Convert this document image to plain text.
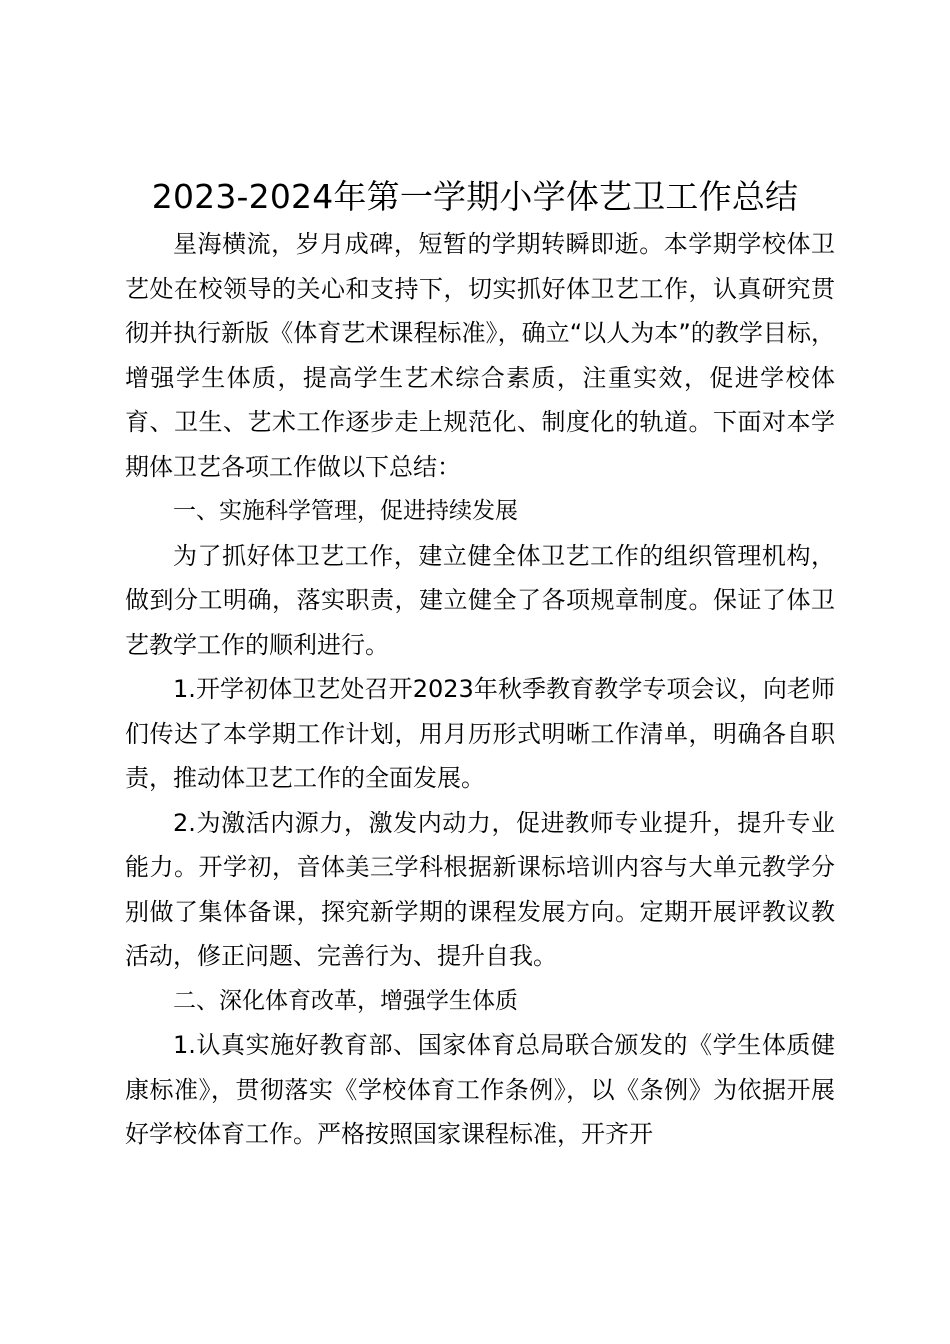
2023-2024年第一学期小学体艺卫工作总结

星海横流，岁月成碑，短暂的学期转瞬即逝。本学期学校体卫艺处在校领导的关心和支持下，切实抓好体卫艺工作，认真研究贯彻并执行新版《体育艺术课程标准》，确立“以人为本”的教学目标，增强学生体质，提高学生艺术综合素质，注重实效，促进学校体育、卫生、艺术工作逐步走上规范化、制度化的轨道。下面对本学期体卫艺各项工作做以下总结：

一、实施科学管理，促进持续发展

为了抓好体卫艺工作，建立健全体卫艺工作的组织管理机构，做到分工明确，落实职责，建立健全了各项规章制度。保证了体卫艺教学工作的顺利进行。

1.开学初体卫艺处召开2023年秋季教育教学专项会议，向老师们传达了本学期工作计划，用月历形式明晰工作清单，明确各自职责，推动体卫艺工作的全面发展。

2.为激活内源力，激发内动力，促进教师专业提升，提升专业能力。开学初，音体美三学科根据新课标培训内容与大单元教学分别做了集体备课，探究新学期的课程发展方向。定期开展评教议教活动，修正问题、完善行为、提升自我。

二、深化体育改革，增强学生体质

1.认真实施好教育部、国家体育总局联合颁发的《学生体质健康标准》，贯彻落实《学校体育工作条例》，以《条例》为依据开展好学校体育工作。严格按照国家课程标准，开齐开
